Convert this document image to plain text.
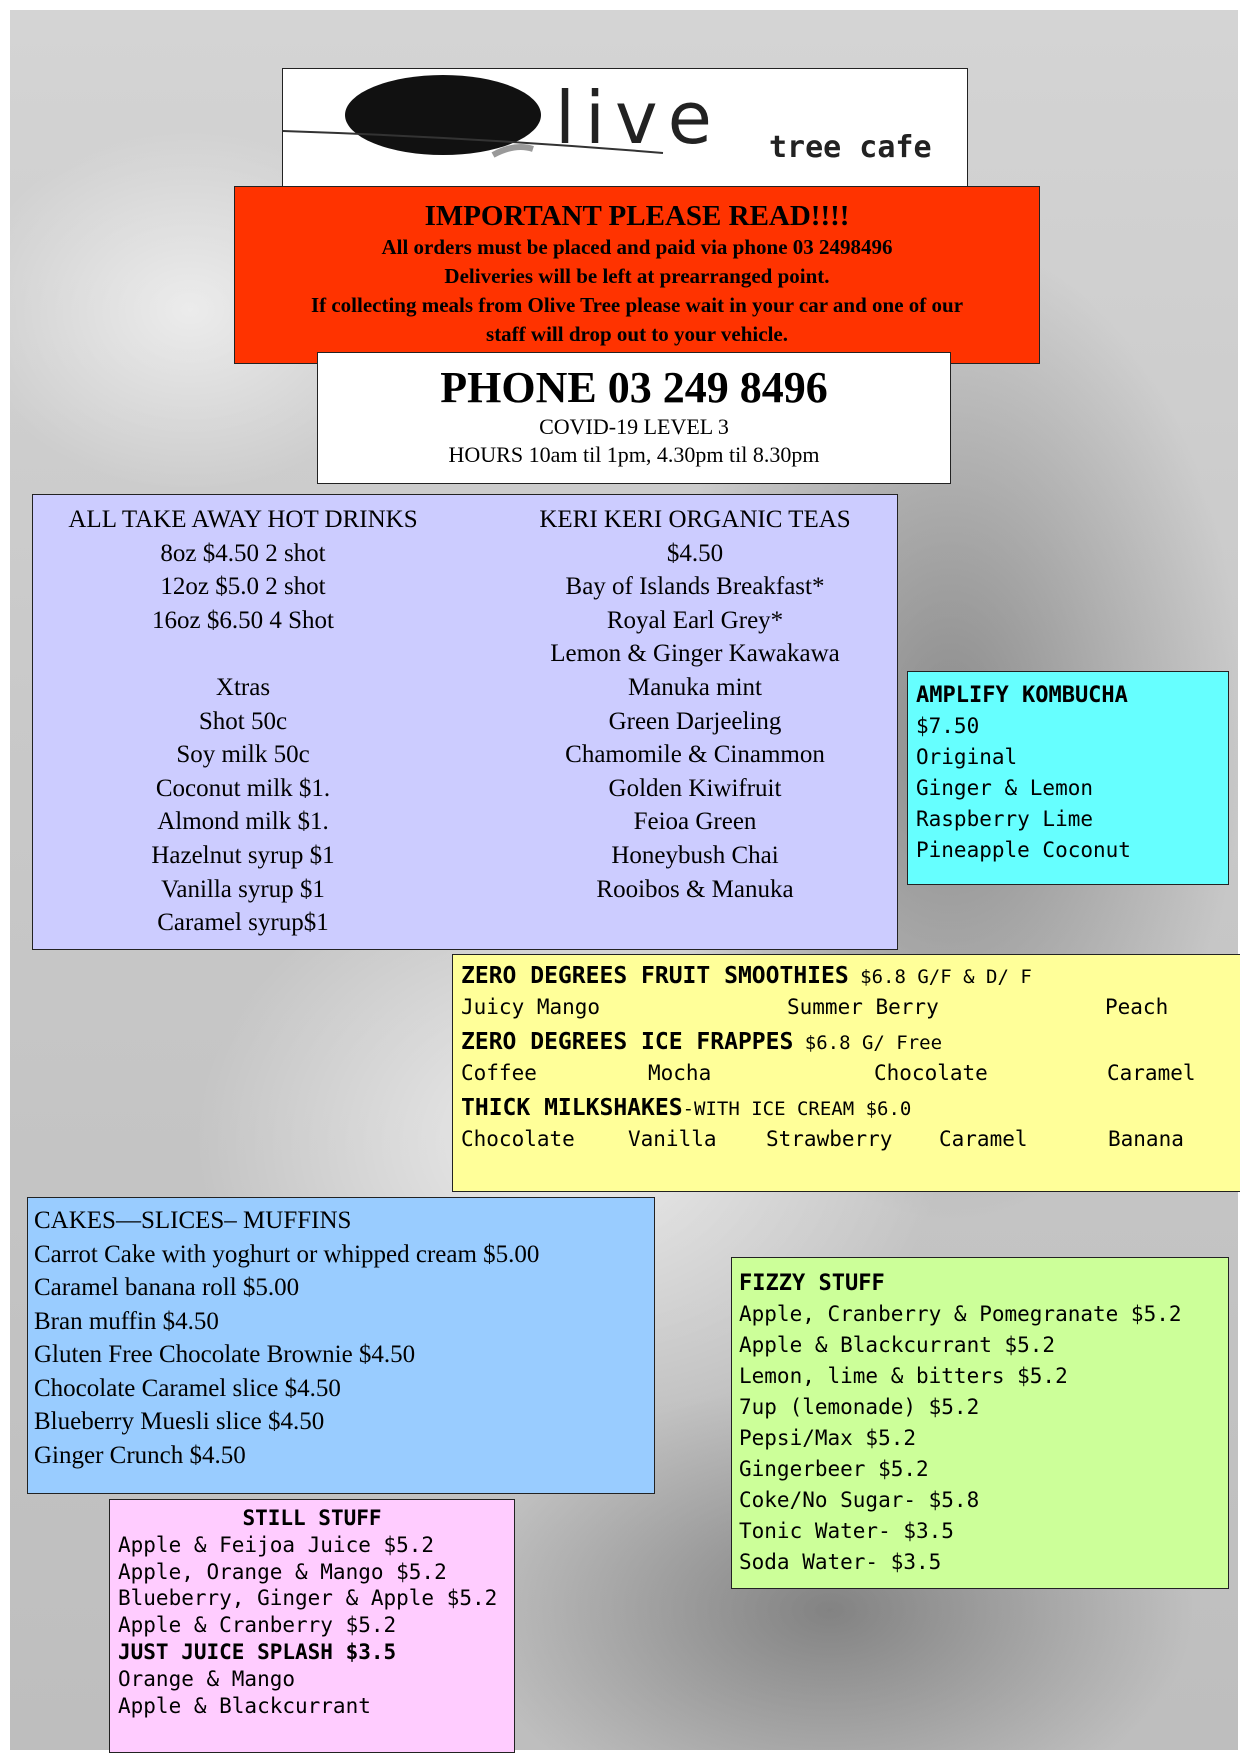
live tree cafe
IMPORTANT PLEASE READ!!!!
All orders must be placed and paid via phone 03 2498496
Deliveries will be left at prearranged point.
If collecting meals from Olive Tree please wait in your car and one of our
staff will drop out to your vehicle.
PHONE 03 249 8496
COVID-19 LEVEL 3
HOURS 10am til 1pm, 4.30pm til 8.30pm
ALL TAKE AWAY HOT DRINKS
8oz $4.50 2 shot
12oz $5.0 2 shot
16oz $6.50 4 Shot
Xtras
Shot 50c
Soy milk 50c
Coconut milk $1.
Almond milk $1.
Hazelnut syrup $1
Vanilla syrup $1
Caramel syrup$1
KERI KERI ORGANIC TEAS
$4.50
Bay of Islands Breakfast*
Royal Earl Grey*
Lemon & Ginger Kawakawa
Manuka mint
Green Darjeeling
Chamomile & Cinammon
Golden Kiwifruit
Feioa Green
Honeybush Chai
Rooibos & Manuka
AMPLIFY KOMBUCHA
$7.50
Original
Ginger & Lemon
Raspberry Lime
Pineapple Coconut
ZERO DEGREES FRUIT SMOOTHIES $6.8 G/F & D/ F
Juicy Mango	Summer Berry	Peach
ZERO DEGREES ICE FRAPPES $6.8 G/ Free
Coffee	Mocha	Chocolate	Caramel
THICK MILKSHAKES-WITH ICE CREAM $6.0
Chocolate	Vanilla Strawberry Caramel	Banana
CAKES—SLICES– MUFFINS
Carrot Cake with yoghurt or whipped cream $5.00
Caramel banana roll $5.00
Bran muffin $4.50
Gluten Free Chocolate Brownie $4.50
Chocolate Caramel slice $4.50
Blueberry Muesli slice $4.50
Ginger Crunch $4.50
FIZZY STUFF
Apple, Cranberry & Pomegranate $5.2
Apple & Blackcurrant $5.2
Lemon, lime & bitters $5.2
7up (lemonade) $5.2
Pepsi/Max $5.2
Gingerbeer $5.2
Coke/No Sugar- $5.8
Tonic Water- $3.5
Soda Water- $3.5
STILL STUFF
Apple & Feijoa Juice $5.2
Apple, Orange & Mango $5.2
Blueberry, Ginger & Apple $5.2
Apple & Cranberry $5.2
JUST JUICE SPLASH $3.5
Orange & Mango
Apple & Blackcurrant
